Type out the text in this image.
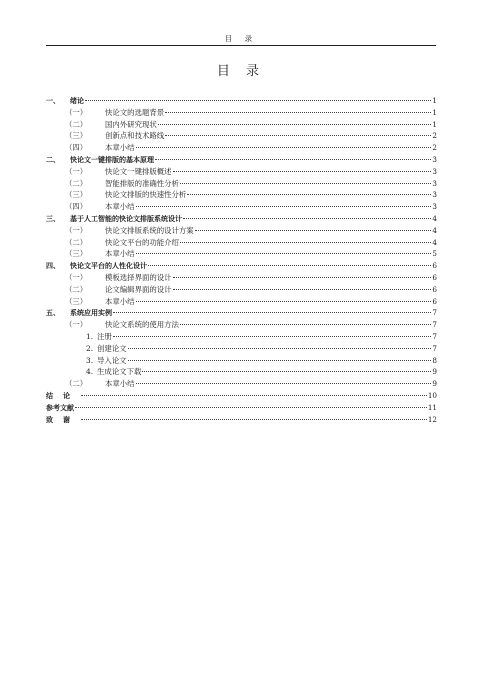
目 录
目 录
一、	绪论	1
（一）	快论文的选题背景	1
（二）	国内外研究现状	1
（三）	创新点和技术路线	2
（四）	本章小结	2
二、	快论文一键排版的基本原理	3
（一）	快论文一键排版概述	3
（二）	智能排版的准确性分析	3
（三）	快论文排版的快速性分析	3
（四）	本章小结	3
三、	基于人工智能的快论文排版系统设计	4
（一）	快论文排版系统的设计方案	4
（二）	快论文平台的功能介绍	4
（三）	本章小结	5
四、	快论文平台的人性化设计	6
（一）	模板选择界面的设计	6
（二）	论文编辑界面的设计	6
（三）	本章小结	6
五、	系统应用实例	7
（一）	快论文系统的使用方法	7
1. 注册	7
2. 创建论文	7
3. 导入论文	8
4. 生成论文下载	9
（二）	本章小结	9
结论	10
参考文献	11
致谢	12
